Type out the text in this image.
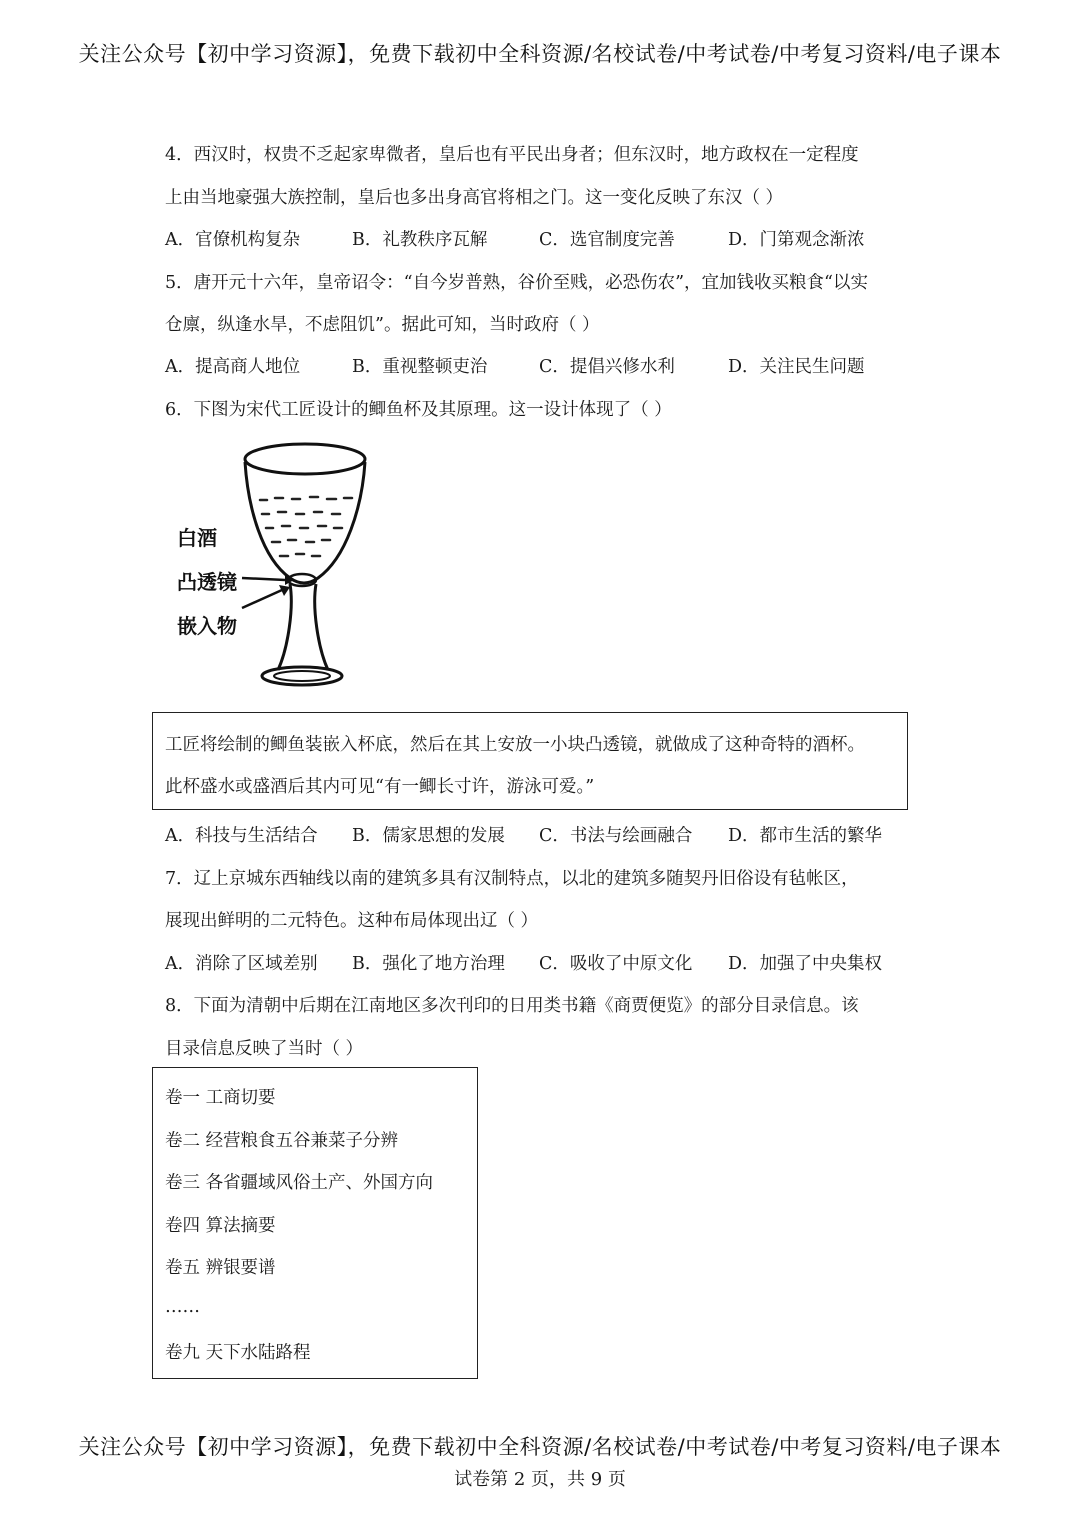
关注公众号【初中学习资源】，免费下载初中全科资源/名校试卷/中考试卷/中考复习资料/电子课本
4．西汉时，权贵不乏起家卑微者，皇后也有平民出身者；但东汉时，地方政权在一定程度
上由当地豪强大族控制，皇后也多出身高官将相之门。这一变化反映了东汉（ ）
A．官僚机构复杂	B．礼教秩序瓦解	C．选官制度完善	D．门第观念渐浓
5．唐开元十六年，皇帝诏令：“自今岁普熟，谷价至贱，必恐伤农”，宜加钱收买粮食“以实
仓廪，纵逢水旱，不虑阻饥”。据此可知，当时政府（ ）
A．提高商人地位	B．重视整顿吏治	C．提倡兴修水利	D．关注民生问题
6．下图为宋代工匠设计的鲫鱼杯及其原理。这一设计体现了（ ）
白酒
凸透镜
嵌入物
工匠将绘制的鲫鱼装嵌入杯底，然后在其上安放一小块凸透镜，就做成了这种奇特的酒杯。
此杯盛水或盛酒后其内可见“有一鲫长寸许，游泳可爱。”
A．科技与生活结合 B．儒家思想的发展 C．书法与绘画融合 D．都市生活的繁华
7．辽上京城东西轴线以南的建筑多具有汉制特点，以北的建筑多随契丹旧俗设有毡帐区，
展现出鲜明的二元特色。这种布局体现出辽（ ）
A．消除了区域差别 B．强化了地方治理 C．吸收了中原文化 D．加强了中央集权
8．下面为清朝中后期在江南地区多次刊印的日用类书籍《商贾便览》的部分目录信息。该
目录信息反映了当时（ ）
卷一 工商切要
卷二 经营粮食五谷兼菜子分辨
卷三 各省疆域风俗土产、外国方向
卷四 算法摘要
卷五 辨银要谱
……
卷九 天下水陆路程
关注公众号【初中学习资源】，免费下载初中全科资源/名校试卷/中考试卷/中考复习资料/电子课本
试卷第 2 页，共 9 页
